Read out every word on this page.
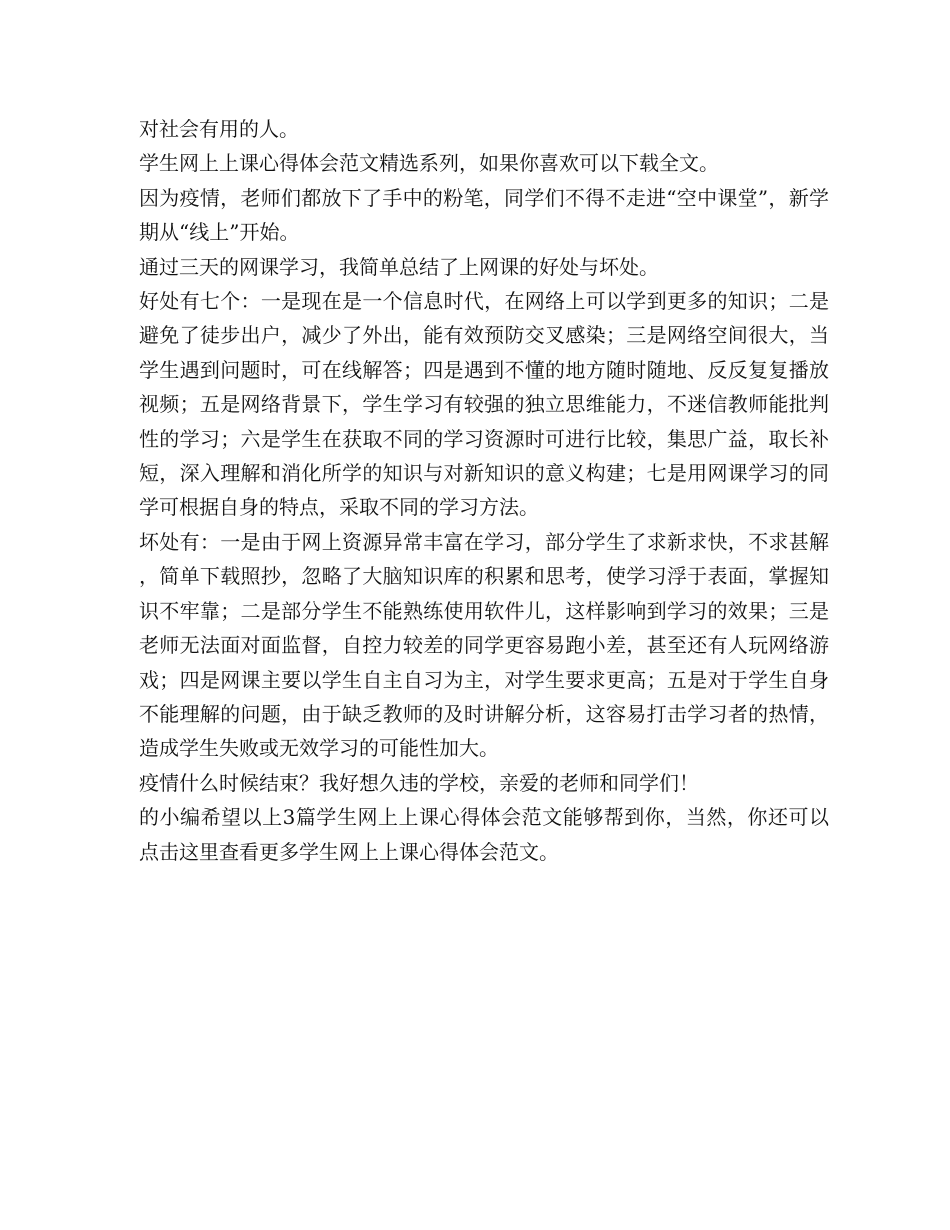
对社会有用的人。

学生网上上课心得体会范文精选系列，如果你喜欢可以下载全文。

因为疫情，老师们都放下了手中的粉笔，同学们不得不走进“空中课堂”，新学期从“线上”开始。

通过三天的网课学习，我简单总结了上网课的好处与坏处。

好处有七个：一是现在是一个信息时代，在网络上可以学到更多的知识；二是避免了徒步出户，减少了外出，能有效预防交叉感染；三是网络空间很大，当学生遇到问题时，可在线解答；四是遇到不懂的地方随时随地、反反复复播放视频；五是网络背景下，学生学习有较强的独立思维能力，不迷信教师能批判性的学习；六是学生在获取不同的学习资源时可进行比较，集思广益，取长补短，深入理解和消化所学的知识与对新知识的意义构建；七是用网课学习的同学可根据自身的特点，采取不同的学习方法。

坏处有：一是由于网上资源异常丰富在学习，部分学生了求新求快，不求甚解，简单下载照抄，忽略了大脑知识库的积累和思考，使学习浮于表面，掌握知识不牢靠；二是部分学生不能熟练使用软件儿，这样影响到学习的效果；三是老师无法面对面监督，自控力较差的同学更容易跑小差，甚至还有人玩网络游戏；四是网课主要以学生自主自习为主，对学生要求更高；五是对于学生自身不能理解的问题，由于缺乏教师的及时讲解分析，这容易打击学习者的热情，造成学生失败或无效学习的可能性加大。

疫情什么时候结束？我好想久违的学校，亲爱的老师和同学们！

的小编希望以上3篇学生网上上课心得体会范文能够帮到你，当然，你还可以点击这里查看更多学生网上上课心得体会范文。
